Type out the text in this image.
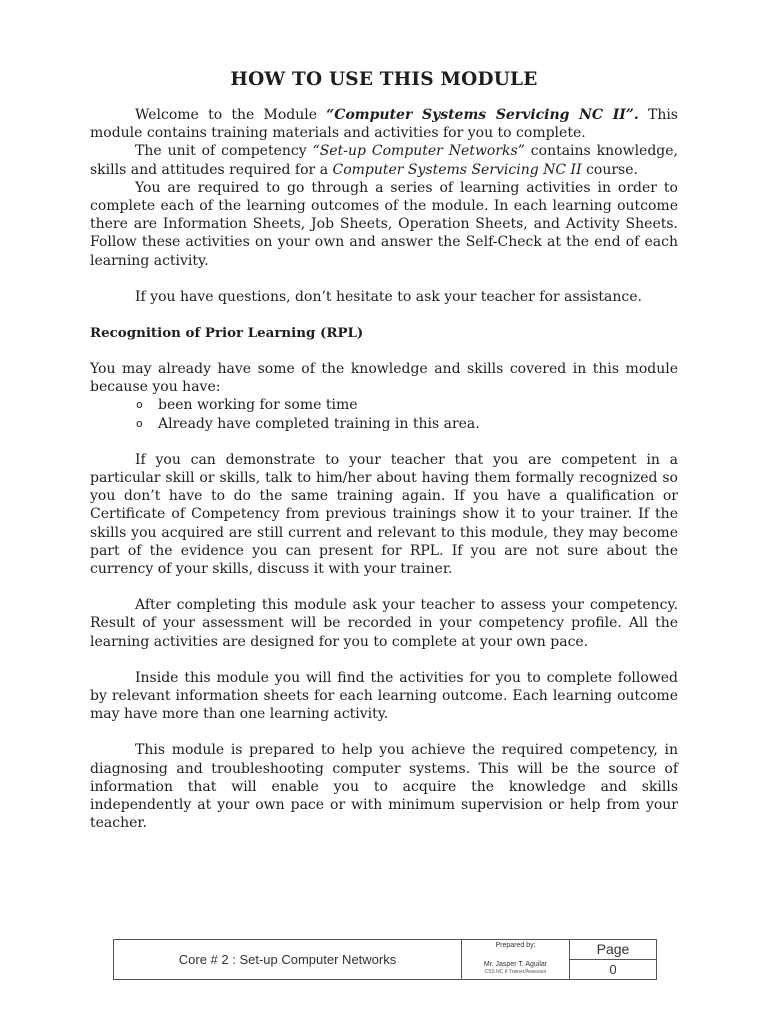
HOW TO USE THIS MODULE

Welcome to the Module “Computer Systems Servicing NC II”. This module contains training materials and activities for you to complete.

The unit of competency “Set-up Computer Networks” contains knowledge, skills and attitudes required for a Computer Systems Servicing NC II course.

You are required to go through a series of learning activities in order to complete each of the learning outcomes of the module. In each learning outcome there are Information Sheets, Job Sheets, Operation Sheets, and Activity Sheets. Follow these activities on your own and answer the Self-Check at the end of each learning activity.

If you have questions, don’t hesitate to ask your teacher for assistance.

Recognition of Prior Learning (RPL)

You may already have some of the knowledge and skills covered in this module because you have:

o been working for some time
o Already have completed training in this area.

If you can demonstrate to your teacher that you are competent in a particular skill or skills, talk to him/her about having them formally recognized so you don’t have to do the same training again. If you have a qualification or Certificate of Competency from previous trainings show it to your trainer. If the skills you acquired are still current and relevant to this module, they may become part of the evidence you can present for RPL. If you are not sure about the currency of your skills, discuss it with your trainer.

After completing this module ask your teacher to assess your competency. Result of your assessment will be recorded in your competency profile. All the learning activities are designed for you to complete at your own pace.

Inside this module you will find the activities for you to complete followed by relevant information sheets for each learning outcome. Each learning outcome may have more than one learning activity.

This module is prepared to help you achieve the required competency, in diagnosing and troubleshooting computer systems. This will be the source of information that will enable you to acquire the knowledge and skills independently at your own pace or with minimum supervision or help from your teacher.

Core # 2 : Set-up Computer Networks
Prepared by:
Mr. Jasper T. Aguilar
CSS NC II Trainer/Assessor
Page
0
